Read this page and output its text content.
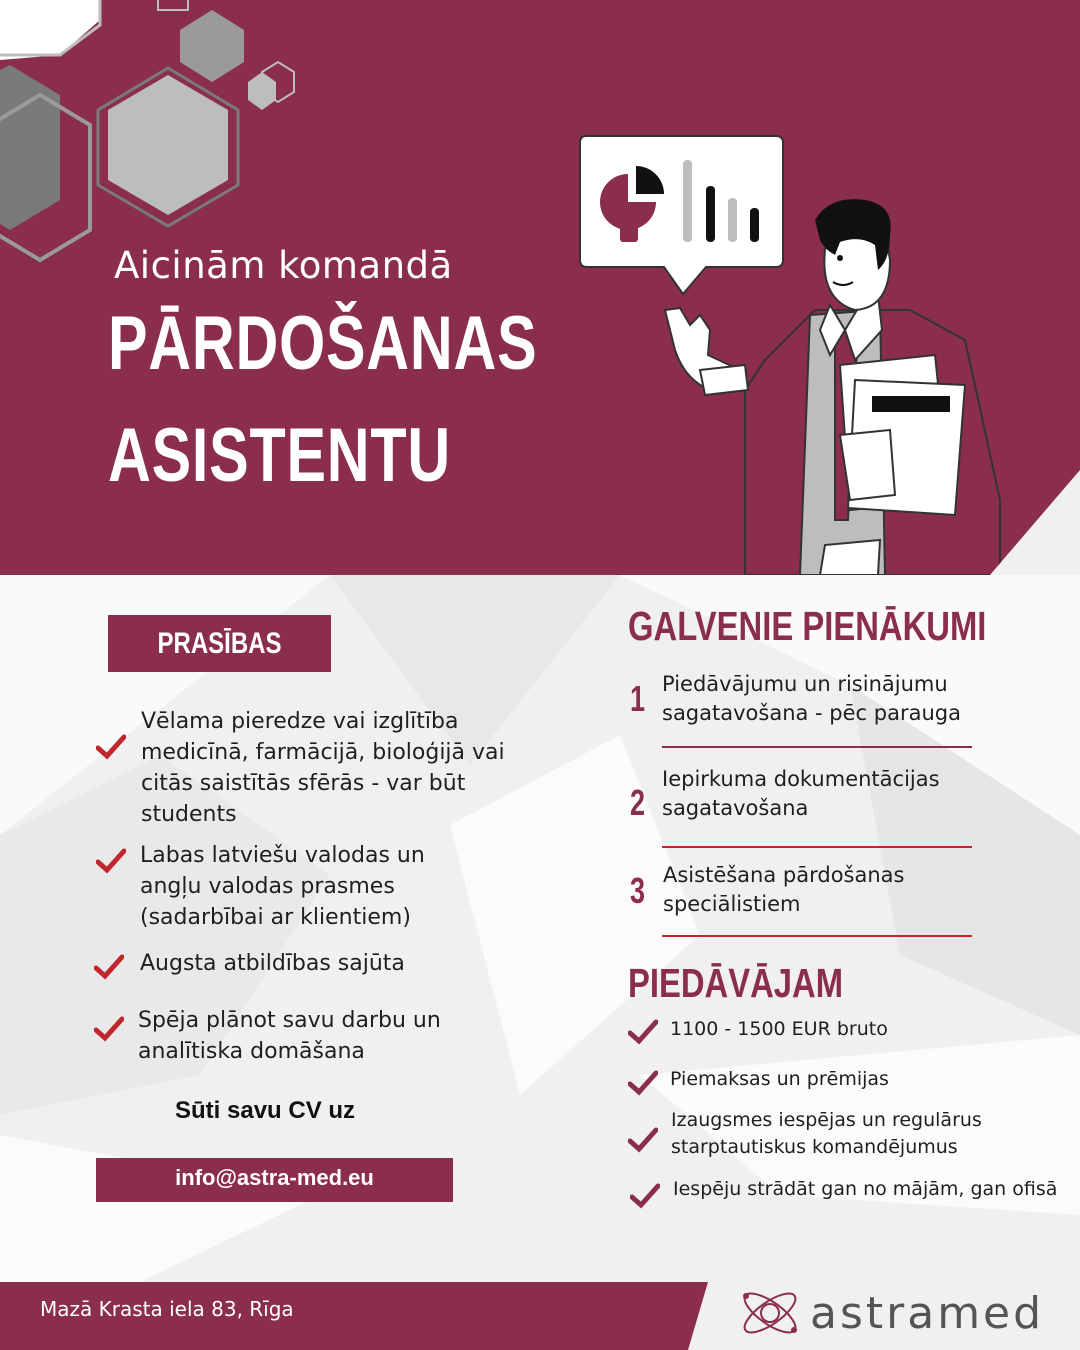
Aicinām komandā
PĀRDOŠANAS
ASISTENTU
PRASĪBAS
Vēlama pieredze vai izglītība medicīnā, farmācijā, bioloģijā vai citās saistītās sfērās - var būt students
Labas latviešu valodas un angļu valodas prasmes (sadarbībai ar klientiem)
Augsta atbildības sajūta
Spēja plānot savu darbu un analītiska domāšana
Sūti savu CV uz
info@astra-med.eu
GALVENIE PIENĀKUMI
1 Piedāvājumu un risinājumu sagatavošana - pēc parauga
2
Iepirkuma dokumentācijas sagatavošana
3 Asistēšana pārdošanas speciālistiem
PIEDĀVĀJAM
1100 - 1500 EUR bruto
Piemaksas un prēmijas
Izaugsmes iespējas un regulārus starptautiskus komandējumus
Iespēju strādāt gan no mājām, gan ofisā
Mazā Krasta iela 83, Rīga	astramed
